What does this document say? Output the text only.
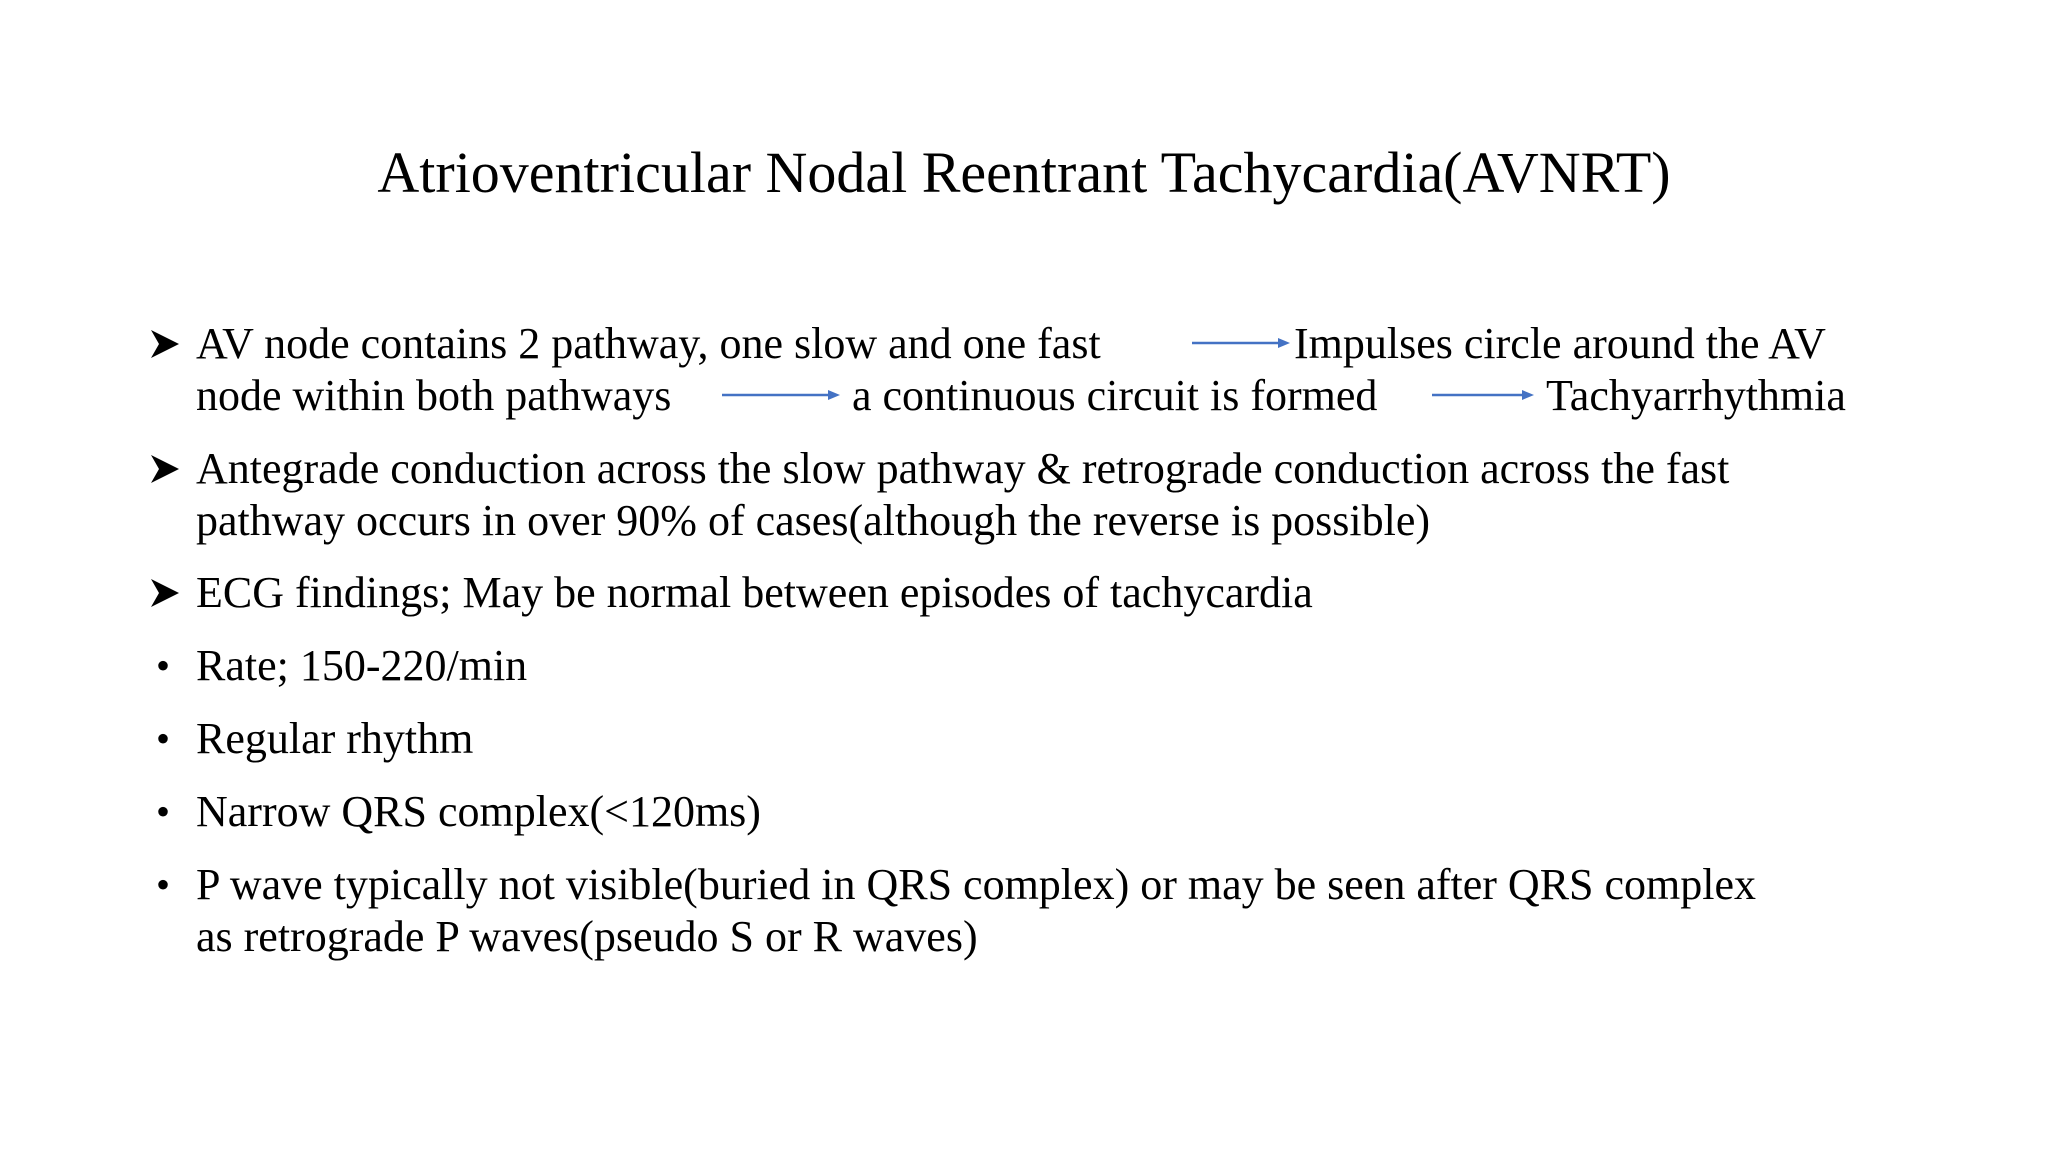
Atrioventricular Nodal Reentrant Tachycardia(AVNRT)
AV node contains 2 pathway, one slow and one fast	Impulses circle around the AV
node within both pathways	a continuous circuit is formed	Tachyarrhythmia
Antegrade conduction across the slow pathway & retrograde conduction across the fast
pathway occurs in over 90% of cases(although the reverse is possible)
ECG findings; May be normal between episodes of tachycardia
• Rate; 150-220/min
• Regular rhythm
• Narrow QRS complex(<120ms)
• P wave typically not visible(buried in QRS complex) or may be seen after QRS complex
as retrograde P waves(pseudo S or R waves)
